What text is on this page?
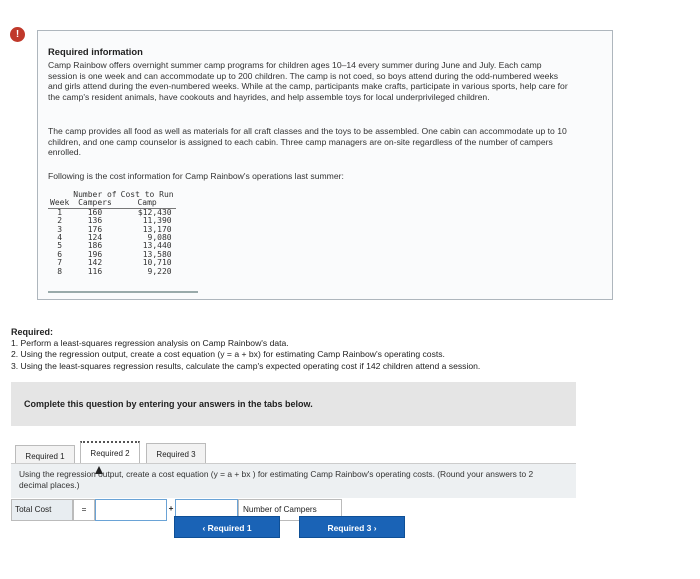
!
Required information
Camp Rainbow offers overnight summer camp programs for children ages 10–14 every summer during June and July. Each camp session is one week and can accommodate up to 200 children. The camp is not coed, so boys attend during the odd-numbered weeks and girls attend during the even-numbered weeks. While at the camp, participants make crafts, participate in various sports, help care for the camp's resident animals, have cookouts and hayrides, and help assemble toys for local underprivileged children.
The camp provides all food as well as materials for all craft classes and the toys to be assembled. One cabin can accommodate up to 10 children, and one camp counselor is assigned to each cabin. Three camp managers are on-site regardless of the number of campers enrolled.
Following is the cost information for Camp Rainbow's operations last summer:
	Number of	Cost to Run
Week	Campers	Camp
1	160	$12,430
2	136	11,390
3	176	13,170
4	124	9,080
5	186	13,440
6	196	13,580
7	142	10,710
8	116	9,220
Required:
1. Perform a least-squares regression analysis on Camp Rainbow's data.
2. Using the regression output, create a cost equation (y = a + bx) for estimating Camp Rainbow's operating costs.
3. Using the least-squares regression results, calculate the camp's expected operating cost if 142 children attend a session.
Complete this question by entering your answers in the tabs below.
Required 1	Required 2	Required 3
Using the regression output, create a cost equation (y = a + bx ) for estimating Camp Rainbow's operating costs. (Round your answers to 2 decimal places.)
Total Cost	=	+	Number of Campers
‹ Required 1	Required 3 ›
